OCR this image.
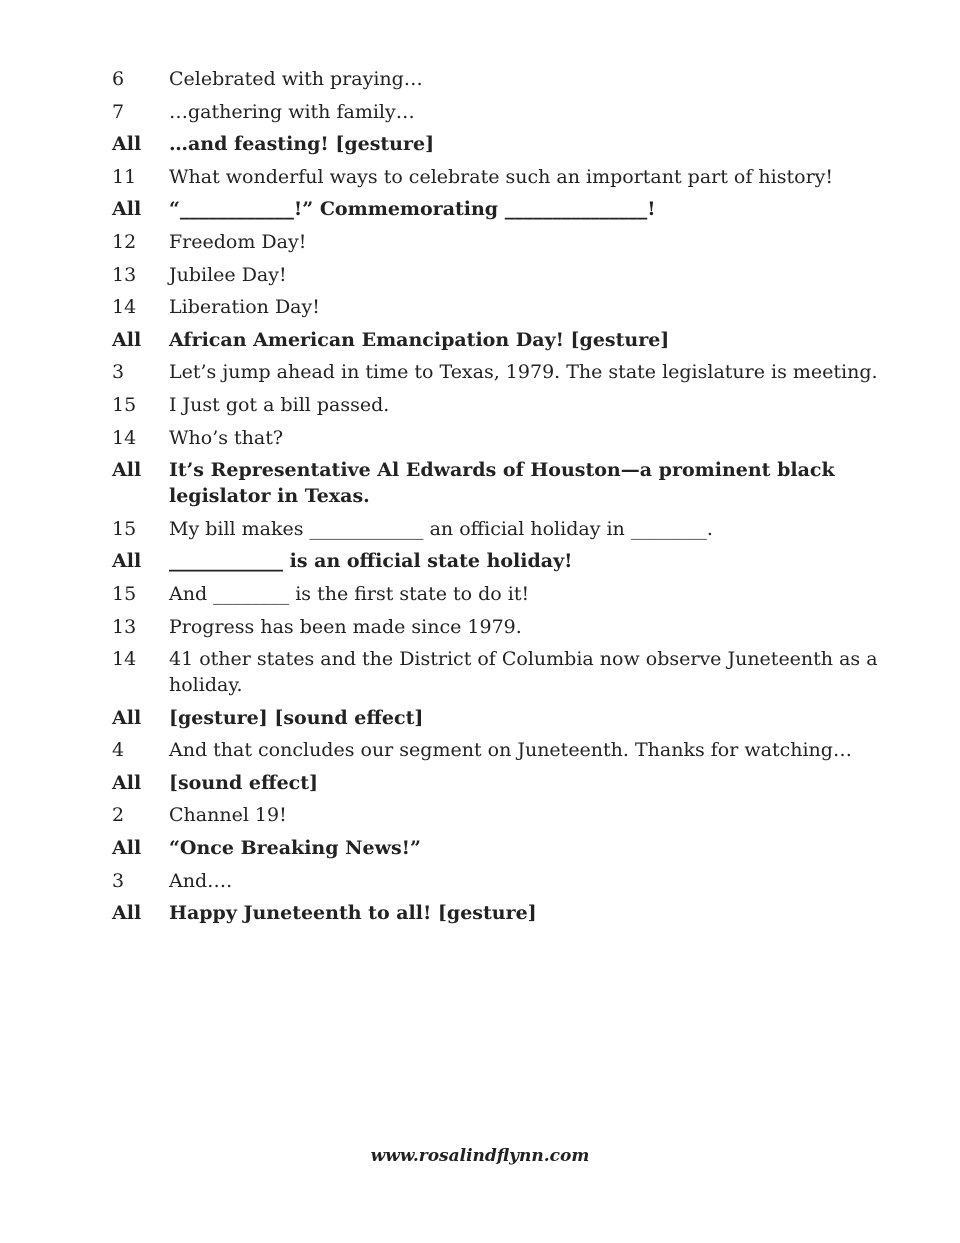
6	Celebrated with praying…
7	…gathering with family…
All	…and feasting! [gesture]
11	What wonderful ways to celebrate such an important part of history!
All	“____________!” Commemorating _______________!
12	Freedom Day!
13	Jubilee Day!
14	Liberation Day!
All	African American Emancipation Day! [gesture]
3	Let’s jump ahead in time to Texas, 1979. The state legislature is meeting.
15	I Just got a bill passed.
14	Who’s that?
All	It’s Representative Al Edwards of Houston—a prominent black legislator in Texas.
15	My bill makes ____________ an official holiday in ________.
All	____________ is an official state holiday!
15	And ________ is the first state to do it!
13	Progress has been made since 1979.
14	41 other states and the District of Columbia now observe Juneteenth as a holiday.
All	[gesture] [sound effect]
4	And that concludes our segment on Juneteenth. Thanks for watching…
All	[sound effect]
2	Channel 19!
All	“Once Breaking News!”
3	And….
All	Happy Juneteenth to all! [gesture]
www.rosalindflynn.com
